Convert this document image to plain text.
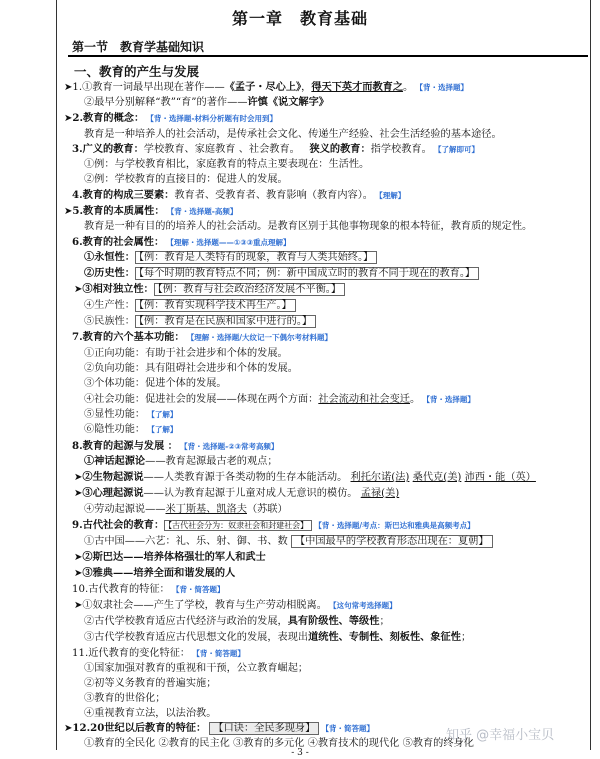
第一章　教育基础
第一节　教育学基础知识
一、教育的产生与发展
➤1.①教育一词最早出现在著作——《孟子・尽心上》，得天下英才而教育之。 【背・选择题】
②最早分别解释“教”“育”的著作——许慎《说文解字》
➤2.教育的概念： 【背・选择题-材料分析题有时会用到】
教育是一种培养人的社会活动，是传承社会文化、传递生产经验、社会生活经验的基本途径。
3.广义的教育：学校教育、家庭教育 、社会教育。 狭义的教育：指学校教育。 【了解即可】
①例：与学校教育相比，家庭教育的特点主要表现在：生活性。
②例：学校教育的直接目的：促进人的发展。
4.教育的构成三要素：教育者、受教育者、教育影响（教育内容）。 【理解】
➤5.教育的本质属性： 【背・选择题-高频】
教育是一种有目的的培养人的社会活动。是教育区别于其他事物现象的根本特征，教育质的规定性。
6.教育的社会属性： 【理解・选择题——①③③重点理解】
①永恒性： 【例：教育是人类特有的现象，教育与人类共始终。】
②历史性： 【每个时期的教育特点不同；例：新中国成立时的教育不同于现在的教育。】
➤③相对独立性： 【例：教育与社会政治经济发展不平衡。】
④生产性： 【例：教育实现科学技术再生产。】
⑤民族性： 【例：教育是在民族和国家中进行的。】
7.教育的六个基本功能： 【理解・选择题/大纹记一下偶尔考材料题】
①正向功能：有助于社会进步和个体的发展。
②负向功能：具有阻碍社会进步和个体的发展。
③个体功能：促进个体的发展。
④社会功能：促进社会的发展——体现在两个方面：社会流动和社会变迁。 【背・选择题】
⑤显性功能： 【了解】
⑥隐性功能： 【了解】
8.教育的起源与发展 ： 【背・选择题-②③常考高频】
①神话起源论——教育起源最古老的观点；
➤②生物起源说——人类教育源于各类动物的生存本能活动。 利托尔诺(法) 桑代克(美) 沛西・能（英）
➤③心理起源说——认为教育起源于儿童对成人无意识的模仿。 孟禄(美)
④劳动起源说——米丁斯基、凯洛夫（苏联）
9.古代社会的教育： 【古代社会分为：奴隶社会和封建社会】 【背・选择题/考点：斯巴达和雅典是高频考点】
①古中国——六艺：礼、乐、射、御、书、数 【中国最早的学校教育形态出现在：夏朝】
➤②斯巴达——培养体格强壮的军人和武士
➤③雅典——培养全面和谐发展的人
10.古代教育的特征： 【背・简答题】
➤①奴隶社会——产生了学校，教育与生产劳动相脱离。 【这句常考选择题】
②古代学校教育适应古代经济与政治的发展，具有阶级性、等级性；
③古代学校教育适应古代思想文化的发展，表现出道统性、专制性、刻板性、象征性；
11.近代教育的变化特征： 【背・简答题】
①国家加强对教育的重视和干预，公立教育崛起；
②初等义务教育的普遍实施；
③教育的世俗化；
④重视教育立法，以法治教。
➤12.20世纪以后教育的特征： 【口诀：全民多现身】 【背・简答题】
①教育的全民化 ②教育的民主化 ③教育的多元化 ④教育技术的现代化 ⑤教育的终身化
知乎 @幸福小宝贝
- 3 -
